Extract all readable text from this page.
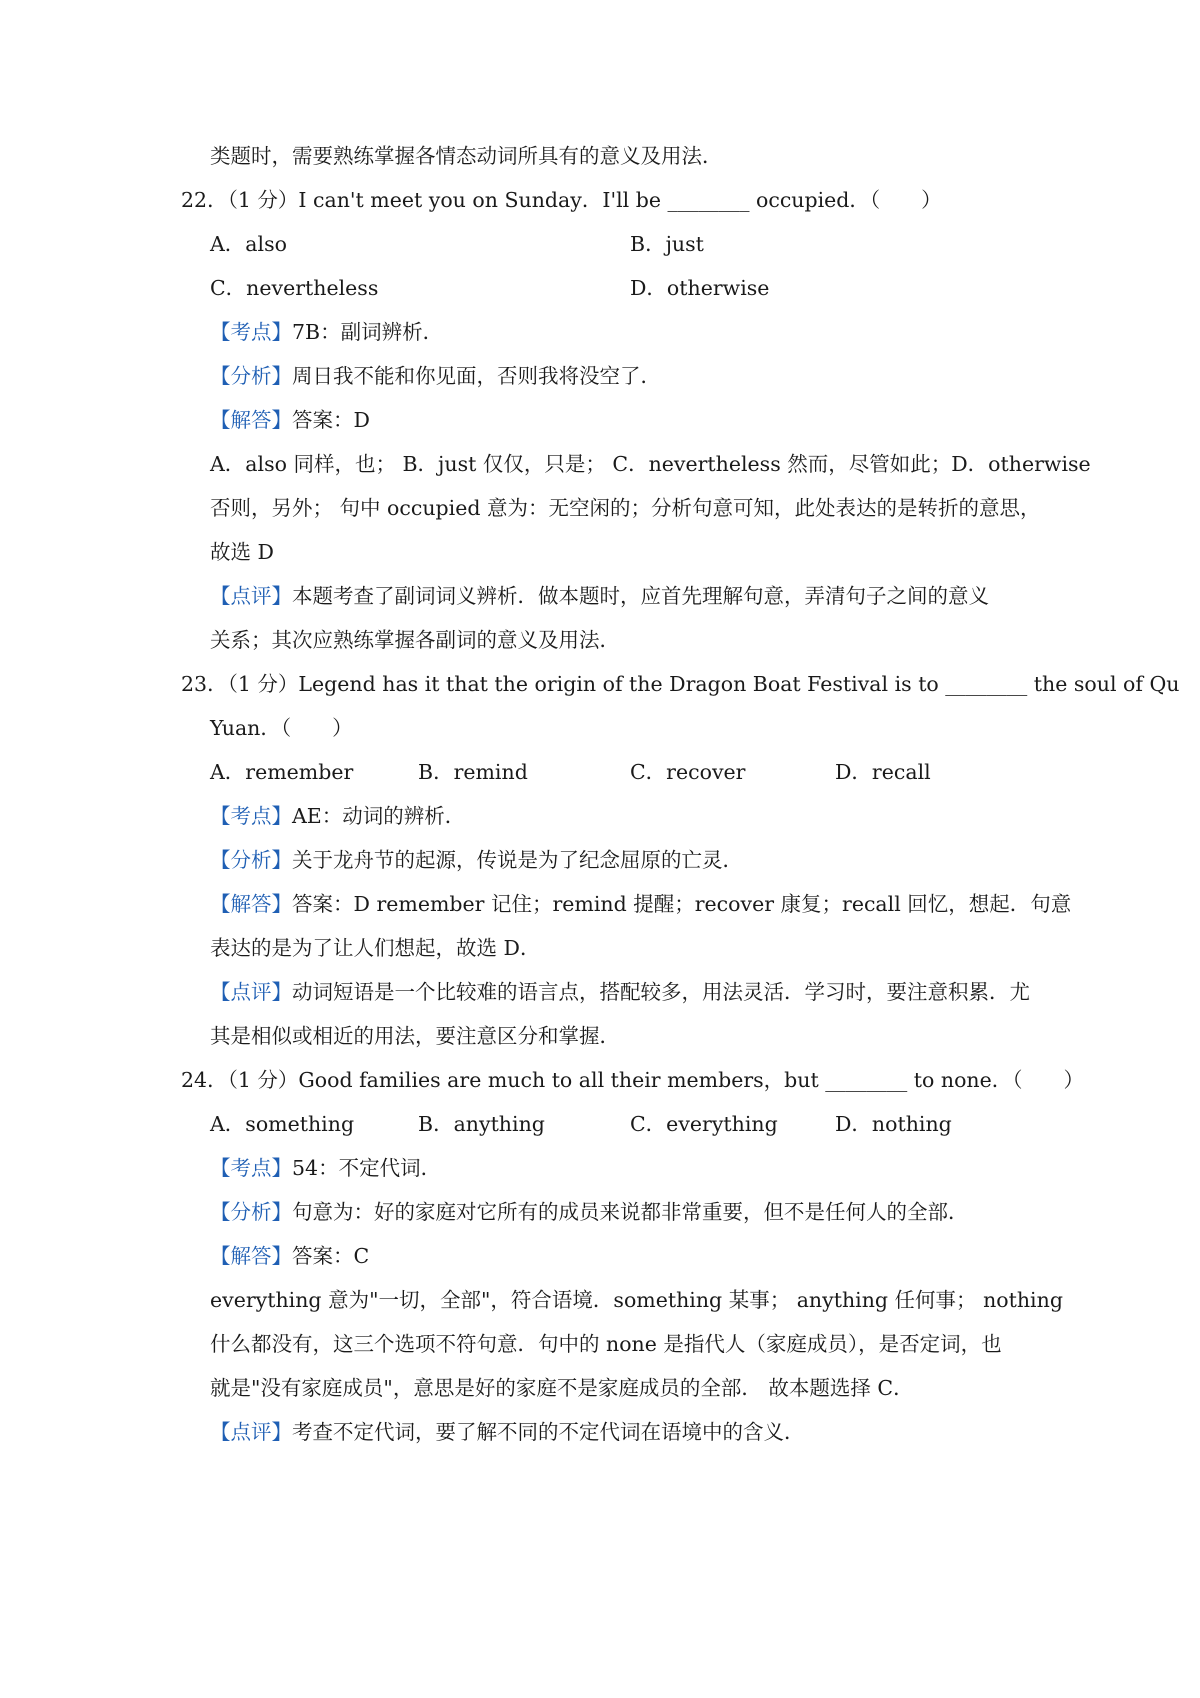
类题时，需要熟练掌握各情态动词所具有的意义及用法．
22．（1 分）I can't meet you on Sunday．I'll be ________ occupied．（　　）
A．also	B．just
C．nevertheless	D．otherwise
【考点】7B：副词辨析．
【分析】周日我不能和你见面，否则我将没空了．
【解答】答案：D
A．also 同样，也； B．just 仅仅，只是； C．nevertheless 然而，尽管如此；D．otherwise
否则，另外； 句中 occupied 意为：无空闲的；分析句意可知，此处表达的是转折的意思，
故选 D
【点评】本题考查了副词词义辨析．做本题时，应首先理解句意，弄清句子之间的意义
关系；其次应熟练掌握各副词的意义及用法．
23．（1 分）Legend has it that the origin of the Dragon Boat Festival is to ________ the soul of Qu
Yuan．（　　）
A．remember	B．remind	C．recover	D．recall
【考点】AE：动词的辨析．
【分析】关于龙舟节的起源，传说是为了纪念屈原的亡灵．
【解答】答案：D remember 记住；remind 提醒；recover 康复；recall 回忆，想起．句意
表达的是为了让人们想起，故选 D．
【点评】动词短语是一个比较难的语言点，搭配较多，用法灵活．学习时，要注意积累．尤
其是相似或相近的用法，要注意区分和掌握．
24．（1 分）Good families are much to all their members，but ________ to none．（　　）
A．something	B．anything	C．everything	D．nothing
【考点】54：不定代词．
【分析】句意为：好的家庭对它所有的成员来说都非常重要，但不是任何人的全部．
【解答】答案：C
everything 意为"一切，全部"，符合语境．something 某事； anything 任何事； nothing
什么都没有，这三个选项不符句意．句中的 none 是指代人（家庭成员），是否定词，也
就是"没有家庭成员"，意思是好的家庭不是家庭成员的全部． 故本题选择 C．
【点评】考查不定代词，要了解不同的不定代词在语境中的含义．
